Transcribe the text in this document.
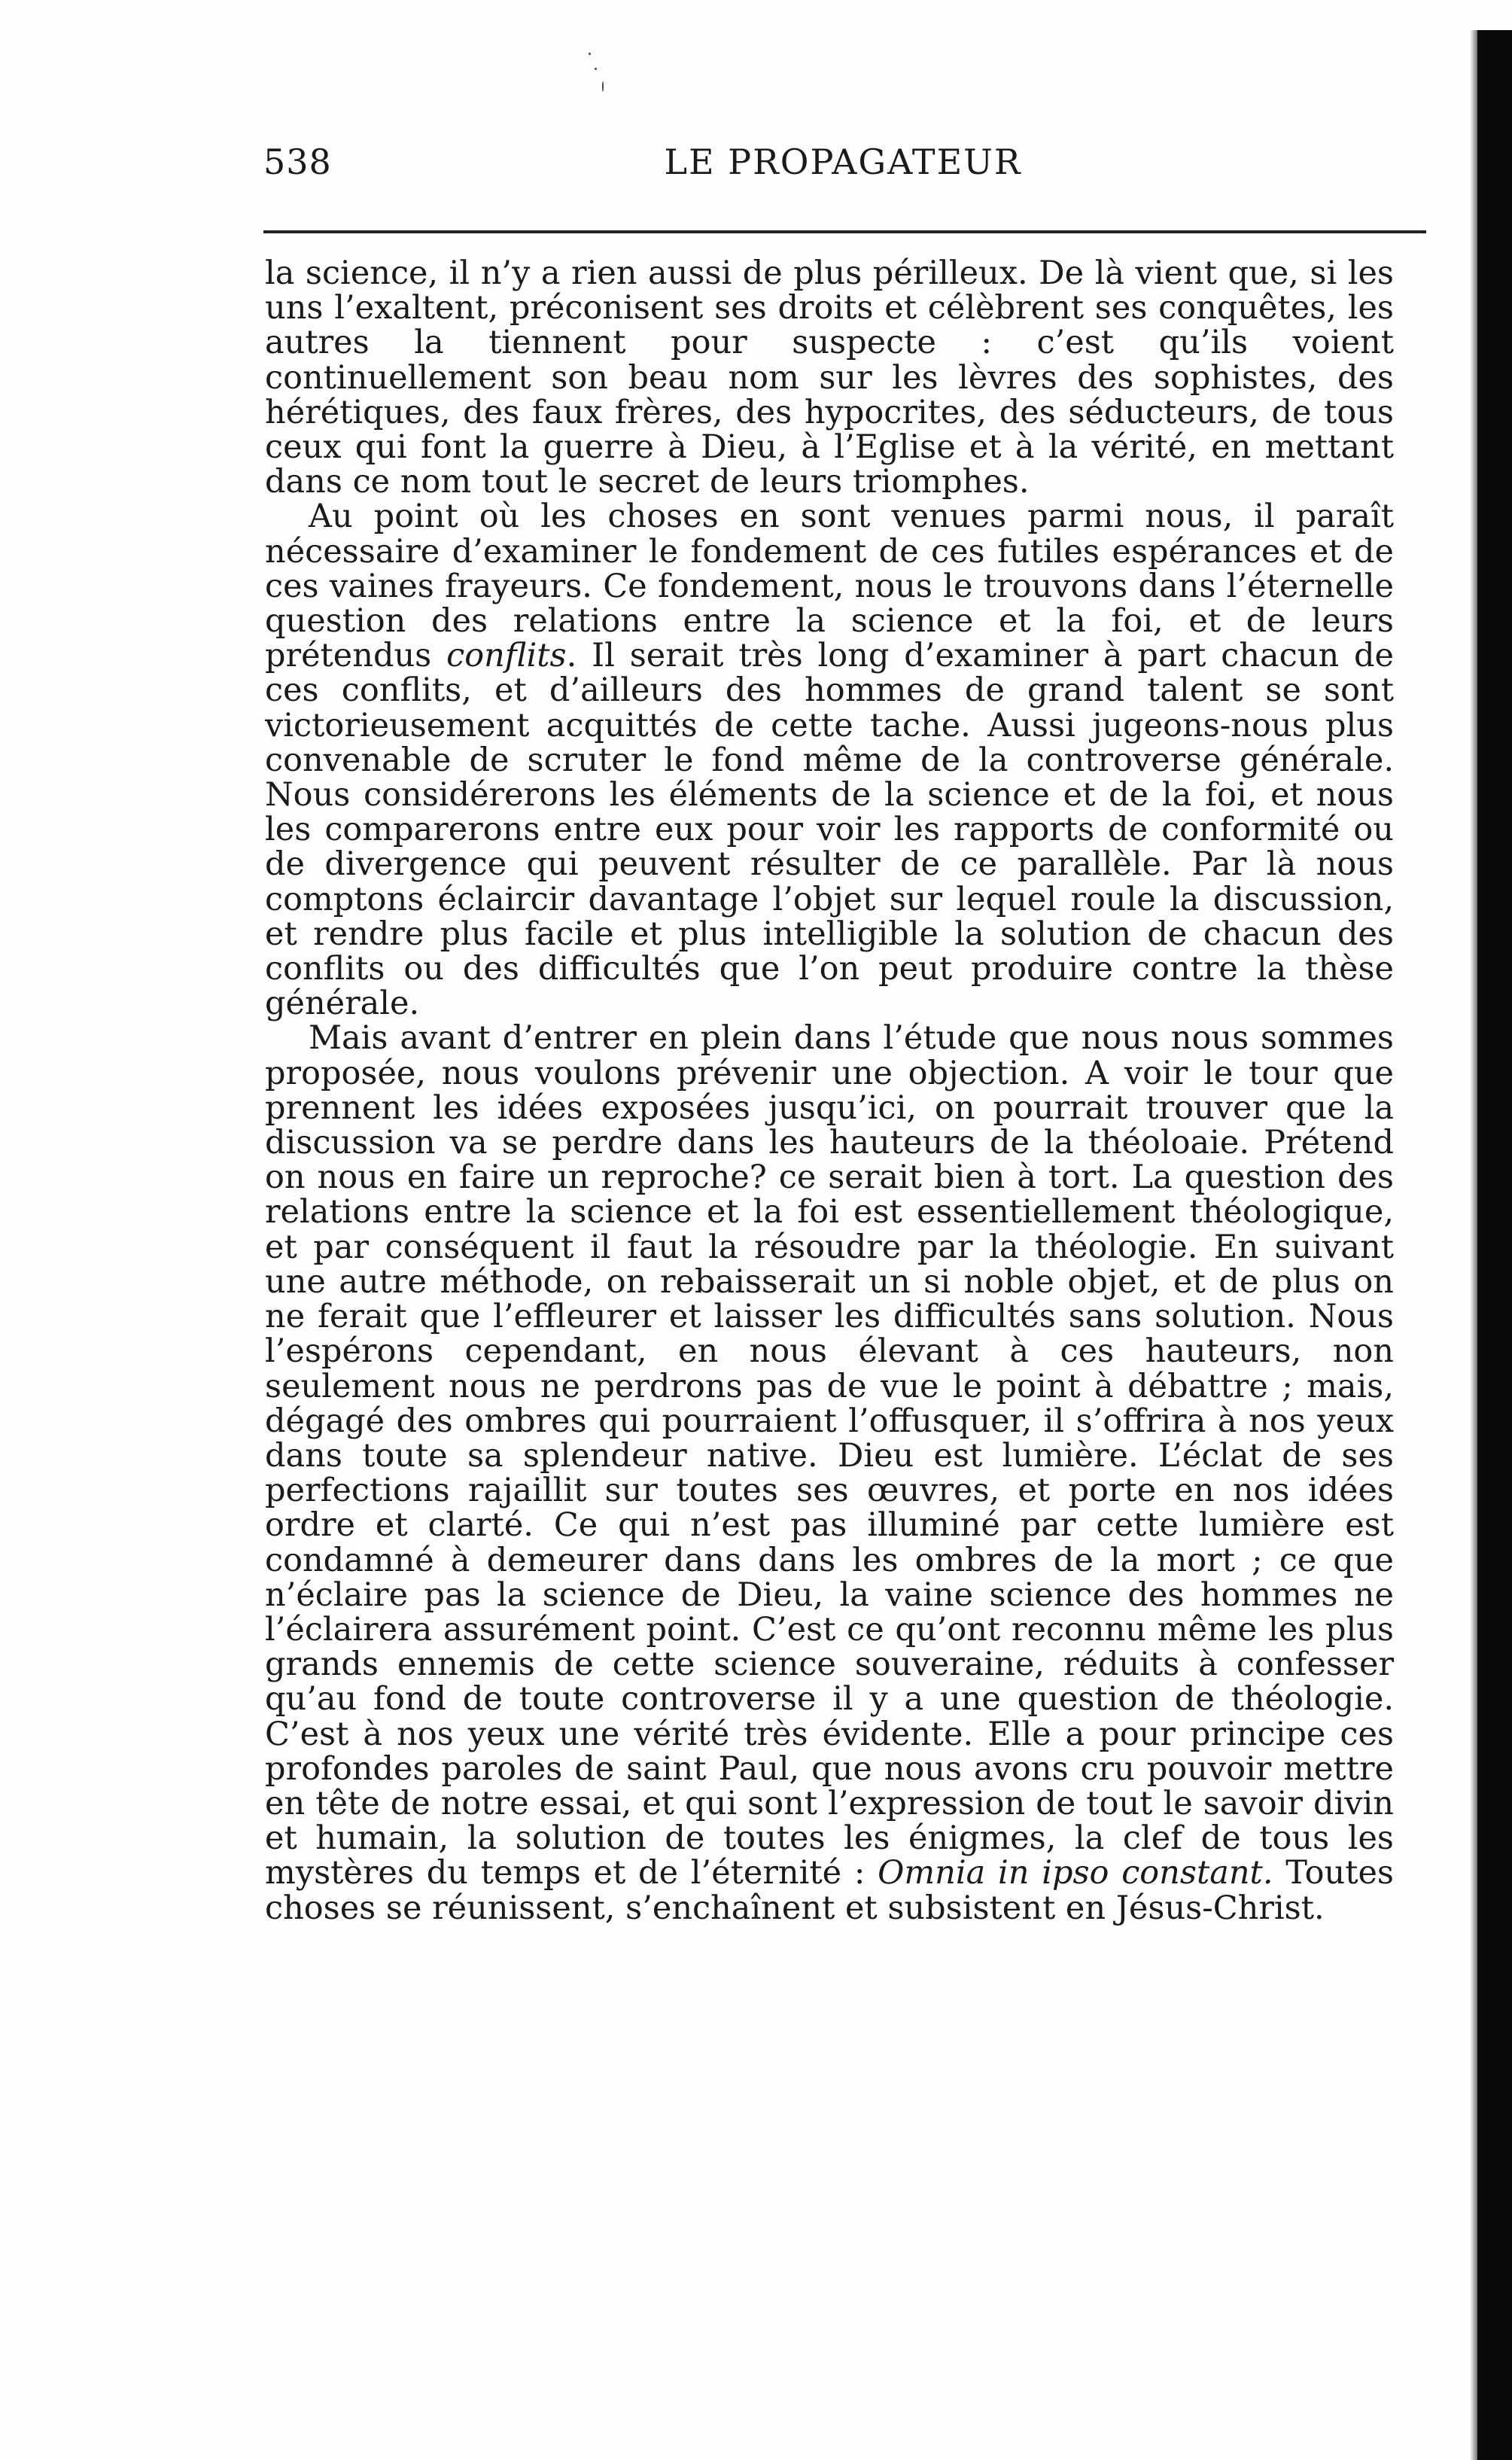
538	LE PROPAGATEUR

la science, il n’y a rien aussi de plus périlleux. De là vient que, si les uns l’exaltent, préconisent ses droits et célèbrent ses conquêtes, les autres la tiennent pour suspecte : c’est qu’ils voient continuellement son beau nom sur les lèvres des sophistes, des hérétiques, des faux frères, des hypocrites, des séducteurs, de tous ceux qui font la guerre à Dieu, à l’Eglise et à la vérité, en mettant dans ce nom tout le secret de leurs triomphes.

Au point où les choses en sont venues parmi nous, il paraît nécessaire d’examiner le fondement de ces futiles espérances et de ces vaines frayeurs. Ce fondement, nous le trouvons dans l’éternelle question des relations entre la science et la foi, et de leurs prétendus conflits. Il serait très long d’examiner à part chacun de ces conflits, et d’ailleurs des hommes de grand talent se sont victorieusement acquittés de cette tache. Aussi jugeons-nous plus convenable de scruter le fond même de la controverse générale. Nous considérerons les éléments de la science et de la foi, et nous les comparerons entre eux pour voir les rapports de conformité ou de divergence qui peuvent résulter de ce parallèle. Par là nous comptons éclaircir davantage l’objet sur lequel roule la discussion, et rendre plus facile et plus intelligible la solution de chacun des conflits ou des difficultés que l’on peut produire contre la thèse générale.

Mais avant d’entrer en plein dans l’étude que nous nous sommes proposée, nous voulons prévenir une objection. A voir le tour que prennent les idées exposées jusqu’ici, on pourrait trouver que la discussion va se perdre dans les hauteurs de la théoloaie. Prétend on nous en faire un reproche? ce serait bien à tort. La question des relations entre la science et la foi est essentiellement théologique, et par conséquent il faut la résoudre par la théologie. En suivant une autre méthode, on rebaisserait un si noble objet, et de plus on ne ferait que l’effleurer et laisser les difficultés sans solution. Nous l’espérons cependant, en nous élevant à ces hauteurs, non seulement nous ne perdrons pas de vue le point à débattre ; mais, dégagé des ombres qui pourraient l’offusquer, il s’offrira à nos yeux dans toute sa splendeur native. Dieu est lumière. L’éclat de ses perfections rajaillit sur toutes ses œuvres, et porte en nos idées ordre et clarté. Ce qui n’est pas illuminé par cette lumière est condamné à demeurer dans dans les ombres de la mort ; ce que n’éclaire pas la science de Dieu, la vaine science des hommes ne l’éclairera assurément point. C’est ce qu’ont reconnu même les plus grands ennemis de cette science souveraine, réduits à confesser qu’au fond de toute controverse il y a une question de théologie. C’est à nos yeux une vérité très évidente. Elle a pour principe ces profondes paroles de saint Paul, que nous avons cru pouvoir mettre en tête de notre essai, et qui sont l’expression de tout le savoir divin et humain, la solution de toutes les énigmes, la clef de tous les mystères du temps et de l’éternité : Omnia in ipso constant. Toutes choses se réunissent, s’enchaînent et subsistent en Jésus-Christ.
